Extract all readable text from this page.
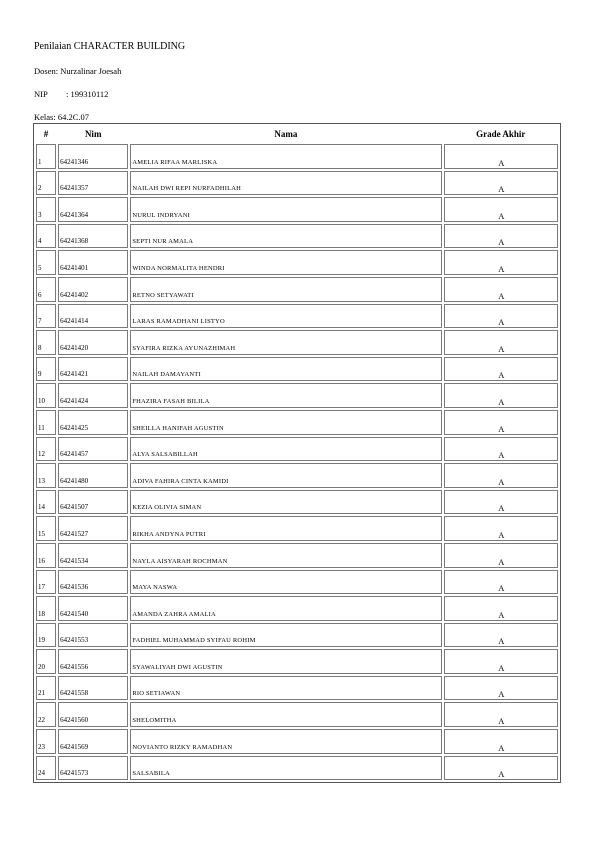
Penilaian CHARACTER BUILDING
Dosen: Nurzalinar Joesah
NIP : 199310112
Kelas: 64.2C.07
#	Nim	Nama	Grade Akhir

1	64241346	AMELIA RIFAA MARLISKA	A

2	64241357	NAILAH DWI REPI NURFADHILAH	A

3	64241364	NURUL INDRYANI	A

4	64241368	SEPTI NUR AMALA	A

5	64241401	WINDA NORMALITA HENDRI	A

6	64241402	RETNO SETYAWATI	A

7	64241414	LARAS RAMADHANI LISTYO	A

8	64241420	SYAFIRA RIZKA AYUNAZHIMAH	A

9	64241421	NAILAH DAMAYANTI	A

10	64241424	FHAZIRA FASAH BILILA	A

11	64241425	SHEILLA HANIFAH AGUSTIN	A

12	64241457	ALYA SALSABILLAH	A

13	64241480	ADIVA FAHIRA CINTA KAMIDI	A

14	64241507	KEZIA OLIVIA SIMAN	A

15	64241527	RIKHA ANDYNA PUTRI	A

16	64241534	NAYLA AISYARAH ROCHMAN	A

17	64241536	MAYA NASWA	A

18	64241540	AMANDA ZAHRA AMALIA	A

19	64241553	FADHIEL MUHAMMAD SYIFAU ROHIM	A

20	64241556	SYAWALIYAH DWI AGUSTIN	A

21	64241558	RIO SETIAWAN	A

22	64241560	SHELOMITHA	A

23	64241569	NOVIANTO RIZKY RAMADHAN	A

24	64241573	SALSABILA	A
